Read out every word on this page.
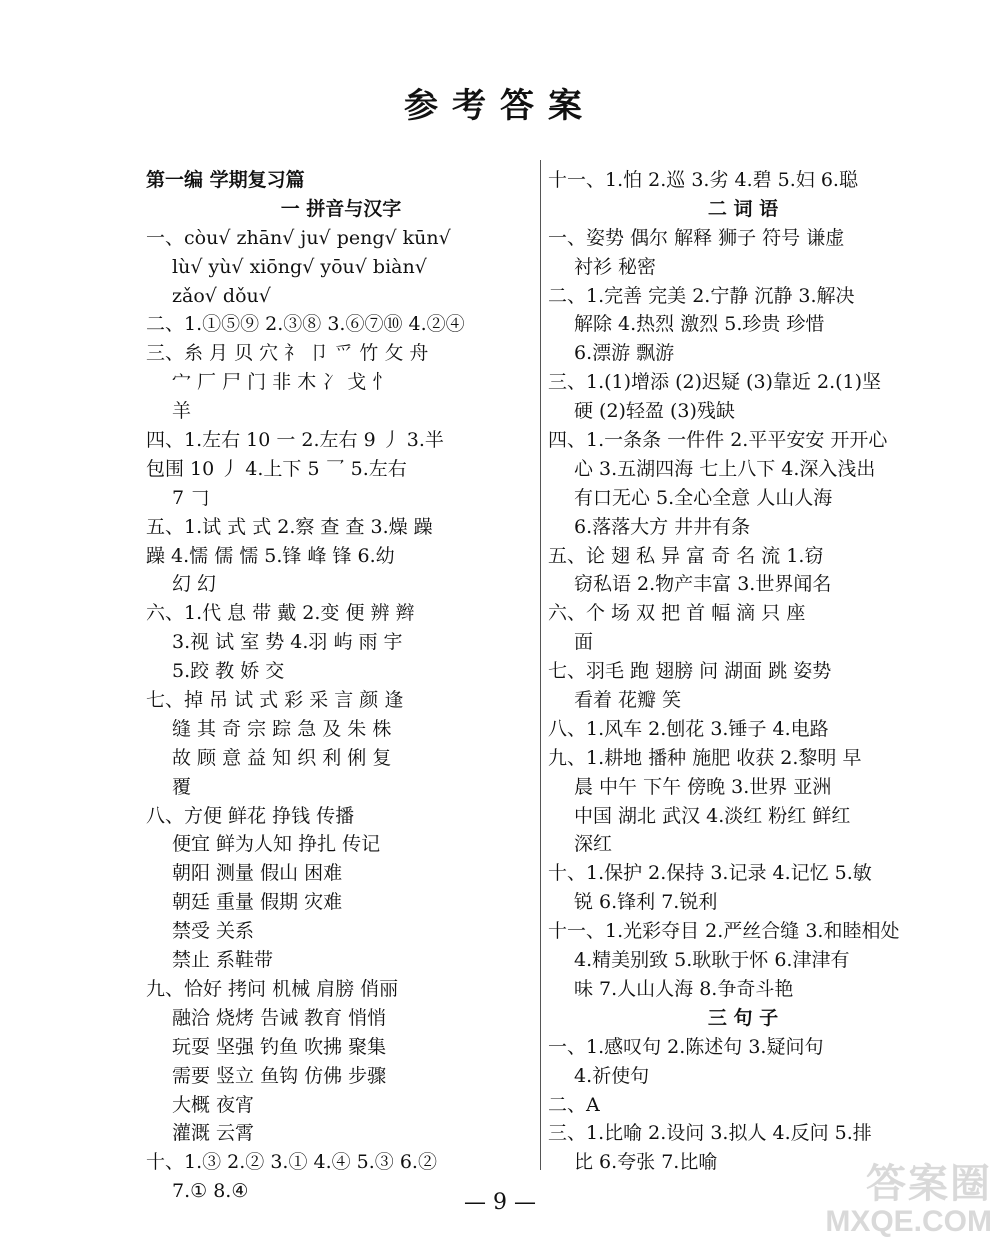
参考答案
第一编 学期复习篇
一 拼音与汉字
一、còu√ zhān√ ju√ peng√ kūn√
lù√ yù√ xiōng√ yōu√ biàn√
zǎo√ dǒu√
二、1.①⑤⑨ 2.③⑧ 3.⑥⑦⑩ 4.②④
三、糸 月 贝 穴 礻 卩 爫 竹 攵 舟
宀 厂 尸 门 非 木 冫 戈 忄
羊
四、1.左右 10 一 2.左右 9 丿 3.半
包围 10 丿 4.上下 5 乛 5.左右
7 𠃌
五、1.试 式 式 2.察 查 查 3.燥 躁
躁 4.懦 儒 懦 5.锋 峰 锋 6.幼
幻 幻
六、1.代 息 带 戴 2.变 便 辨 辫
3.视 试 室 势 4.羽 屿 雨 宇
5.跤 教 娇 交
七、掉 吊 试 式 彩 采 言 颜 逢
缝 其 奇 宗 踪 急 及 朱 株
故 顾 意 益 知 织 利 俐 复
覆
八、方便 鲜花 挣钱 传播
便宜 鲜为人知 挣扎 传记
朝阳 测量 假山 困难
朝廷 重量 假期 灾难
禁受 关系
禁止 系鞋带
九、恰好 拷问 机械 肩膀 俏丽
融洽 烧烤 告诫 教育 悄悄
玩耍 坚强 钓鱼 吹拂 聚集
需要 竖立 鱼钩 仿佛 步骤
大概 夜宵
灌溉 云霄
十、1.③ 2.② 3.① 4.④ 5.③ 6.②
7.① 8.④
十一、1.怕 2.巡 3.劣 4.碧 5.妇 6.聪
二 词 语
一、姿势 偶尔 解释 狮子 符号 谦虚
衬衫 秘密
二、1.完善 完美 2.宁静 沉静 3.解决
解除 4.热烈 激烈 5.珍贵 珍惜
6.漂游 飘游
三、1.(1)增添 (2)迟疑 (3)靠近 2.(1)坚
硬 (2)轻盈 (3)残缺
四、1.一条条 一件件 2.平平安安 开开心
心 3.五湖四海 七上八下 4.深入浅出
有口无心 5.全心全意 人山人海
6.落落大方 井井有条
五、论 翅 私 异 富 奇 名 流 1.窃
窃私语 2.物产丰富 3.世界闻名
六、个 场 双 把 首 幅 滴 只 座
面
七、羽毛 跑 翅膀 问 湖面 跳 姿势
看着 花瓣 笑
八、1.风车 2.刨花 3.锤子 4.电路
九、1.耕地 播种 施肥 收获 2.黎明 早
晨 中午 下午 傍晚 3.世界 亚洲
中国 湖北 武汉 4.淡红 粉红 鲜红
深红
十、1.保护 2.保持 3.记录 4.记忆 5.敏
锐 6.锋利 7.锐利
十一、1.光彩夺目 2.严丝合缝 3.和睦相处
4.精美别致 5.耿耿于怀 6.津津有
味 7.人山人海 8.争奇斗艳
三 句 子
一、1.感叹句 2.陈述句 3.疑问句
4.祈使句
二、A
三、1.比喻 2.设问 3.拟人 4.反问 5.排
比 6.夸张 7.比喻
— 9 —	答案圈
MXQE.COM
